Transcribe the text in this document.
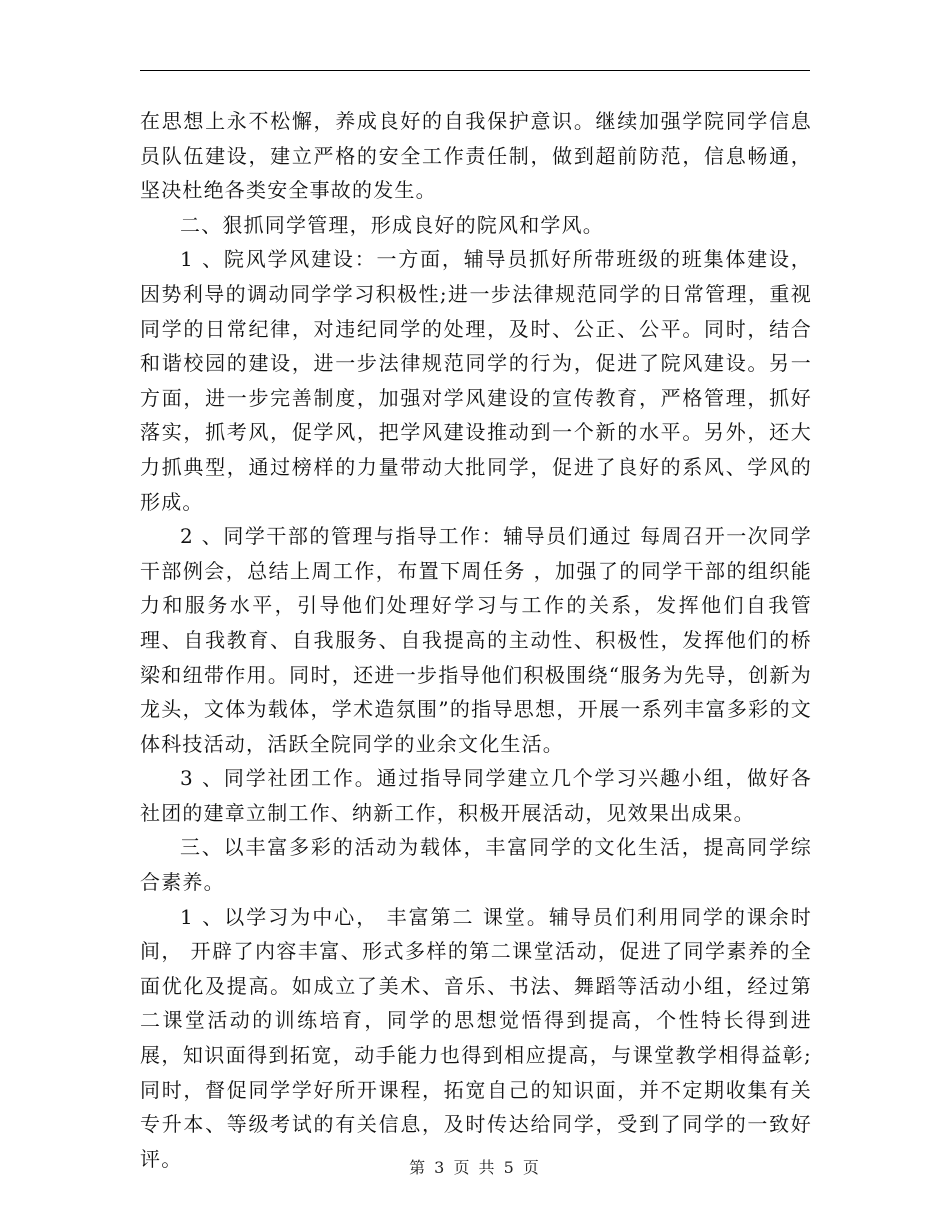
在思想上永不松懈，养成良好的自我保护意识。继续加强学院同学信息员队伍建设，建立严格的安全工作责任制，做到超前防范，信息畅通，坚决杜绝各类安全事故的发生。

二、狠抓同学管理，形成良好的院风和学风。

1 、院风学风建设：一方面，辅导员抓好所带班级的班集体建设，因势利导的调动同学学习积极性;进一步法律规范同学的日常管理，重视同学的日常纪律，对违纪同学的处理，及时、公正、公平。同时，结合和谐校园的建设，进一步法律规范同学的行为，促进了院风建设。另一方面，进一步完善制度，加强对学风建设的宣传教育，严格管理，抓好落实，抓考风，促学风，把学风建设推动到一个新的水平。另外，还大力抓典型，通过榜样的力量带动大批同学，促进了良好的系风、学风的形成。

2 、同学干部的管理与指导工作：辅导员们通过 每周召开一次同学干部例会，总结上周工作，布置下周任务 ，加强了的同学干部的组织能力和服务水平，引导他们处理好学习与工作的关系，发挥他们自我管理、自我教育、自我服务、自我提高的主动性、积极性，发挥他们的桥梁和纽带作用。同时，还进一步指导他们积极围绕“服务为先导，创新为龙头，文体为载体，学术造氛围”的指导思想，开展一系列丰富多彩的文体科技活动，活跃全院同学的业余文化生活。

3 、同学社团工作。通过指导同学建立几个学习兴趣小组，做好各社团的建章立制工作、纳新工作，积极开展活动，见效果出成果。

三、以丰富多彩的活动为载体，丰富同学的文化生活，提高同学综合素养。

1 、以学习为中心， 丰富第二 课堂。辅导员们利用同学的课余时间， 开辟了内容丰富、形式多样的第二课堂活动，促进了同学素养的全面优化及提高。如成立了美术、音乐、书法、舞蹈等活动小组，经过第二课堂活动的训练培育，同学的思想觉悟得到提高，个性特长得到进展，知识面得到拓宽，动手能力也得到相应提高，与课堂教学相得益彰;同时，督促同学学好所开课程，拓宽自己的知识面，并不定期收集有关专升本、等级考试的有关信息，及时传达给同学，受到了同学的一致好评。	第 3 页 共 5 页
